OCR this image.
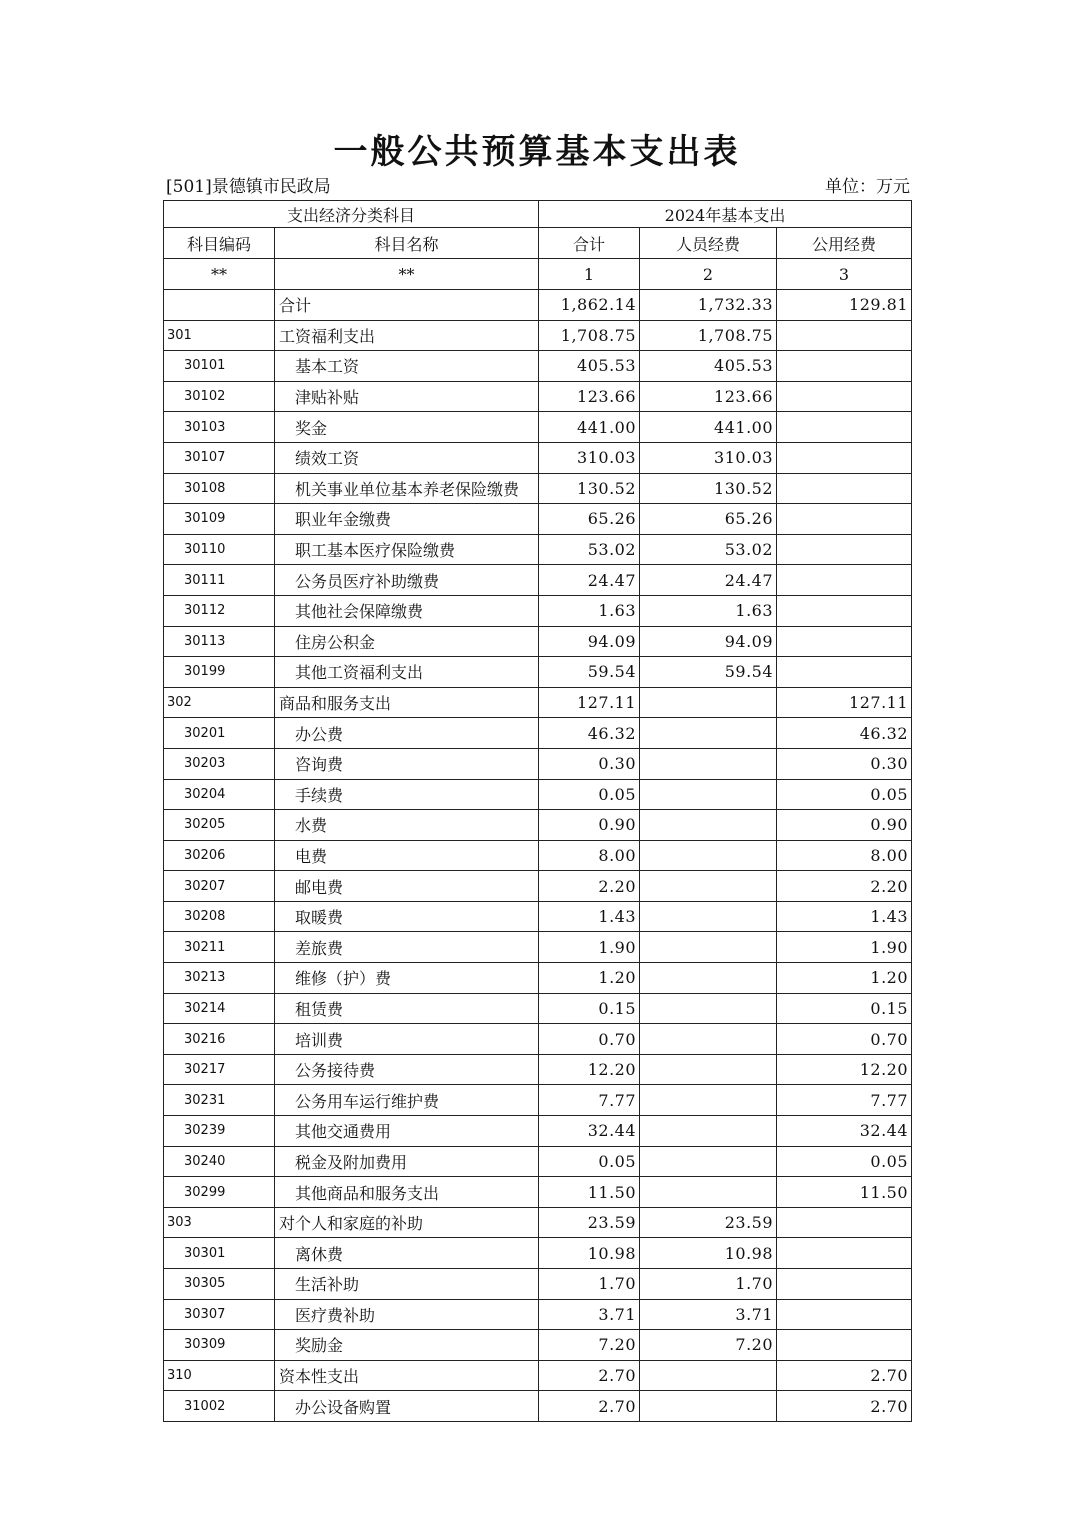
一般公共预算基本支出表
[501]景德镇市民政局	单位：万元
支出经济分类科目		2024年基本支出		
科目编码	科目名称	合计	人员经费	公用经费
**	**	1	2	3
	合计	1,862.14	1,732.33	129.81
301	工资福利支出	1,708.75	1,708.75	
30101	基本工资	405.53	405.53	
30102	津贴补贴	123.66	123.66	
30103	奖金	441.00	441.00	
30107	绩效工资	310.03	310.03	
30108	机关事业单位基本养老保险缴费	130.52	130.52	
30109	职业年金缴费	65.26	65.26	
30110	职工基本医疗保险缴费	53.02	53.02	
30111	公务员医疗补助缴费	24.47	24.47	
30112	其他社会保障缴费	1.63	1.63	
30113	住房公积金	94.09	94.09	
30199	其他工资福利支出	59.54	59.54	
302	商品和服务支出	127.11		127.11
30201	办公费	46.32		46.32
30203	咨询费	0.30		0.30
30204	手续费	0.05		0.05
30205	水费	0.90		0.90
30206	电费	8.00		8.00
30207	邮电费	2.20		2.20
30208	取暖费	1.43		1.43
30211	差旅费	1.90		1.90
30213	维修（护）费	1.20		1.20
30214	租赁费	0.15		0.15
30216	培训费	0.70		0.70
30217	公务接待费	12.20		12.20
30231	公务用车运行维护费	7.77		7.77
30239	其他交通费用	32.44		32.44
30240	税金及附加费用	0.05		0.05
30299	其他商品和服务支出	11.50		11.50
303	对个人和家庭的补助	23.59	23.59	
30301	离休费	10.98	10.98	
30305	生活补助	1.70	1.70	
30307	医疗费补助	3.71	3.71	
30309	奖励金	7.20	7.20	
310	资本性支出	2.70		2.70
31002	办公设备购置	2.70		2.70
